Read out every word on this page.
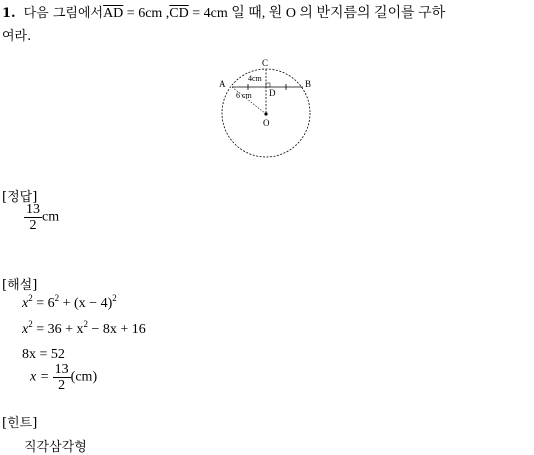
1. 다음 그림에서$\overline{AD} = 6cm$ $,\overline{CD} = 4cm$ 일 때, 원 O 의 반지름의 길이를 구하
여라.
A	B
C
D
O
4cm
6 cm
[정답]
$\frac{13}{2}$ cm
[해설]
$x^2 = 6^2 + (x - 4)^2$
$x^2 = 36 + x^2 - 8x + 16$
8x = 52
$x = \frac{13}{2} (cm)$
[힌트]
직각삼각형
